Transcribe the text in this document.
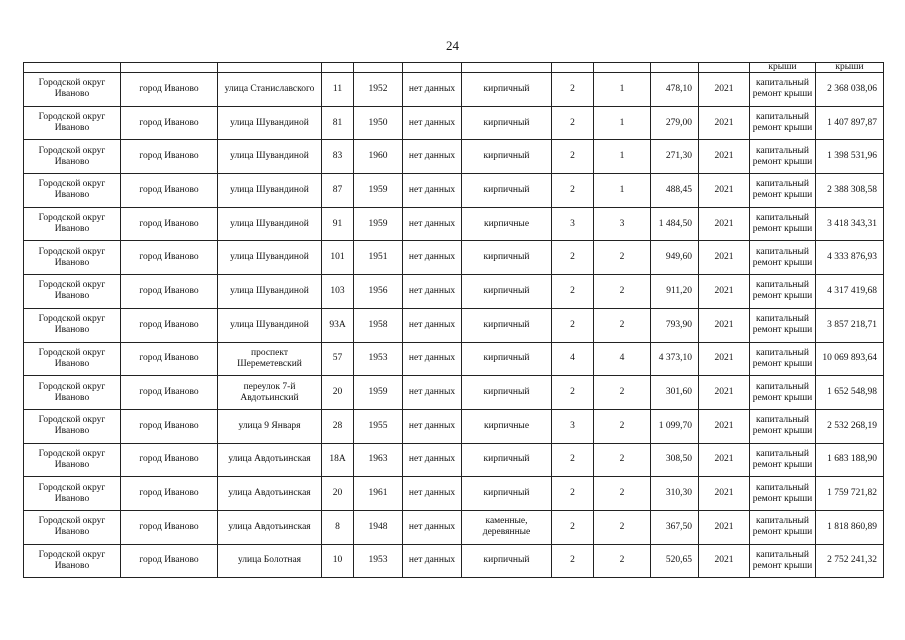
24
											крыши	крыши
Городской округ Иваново	город Иваново	улица Станиславского	11	1952	нет данных	кирпичный	2	1	478,10	2021	капитальный ремонт крыши	2 368 038,06
Городской округ Иваново	город Иваново	улица Шувандиной	81	1950	нет данных	кирпичный	2	1	279,00	2021	капитальный ремонт крыши	1 407 897,87
Городской округ Иваново	город Иваново	улица Шувандиной	83	1960	нет данных	кирпичный	2	1	271,30	2021	капитальный ремонт крыши	1 398 531,96
Городской округ Иваново	город Иваново	улица Шувандиной	87	1959	нет данных	кирпичный	2	1	488,45	2021	капитальный ремонт крыши	2 388 308,58
Городской округ Иваново	город Иваново	улица Шувандиной	91	1959	нет данных	кирпичные	3	3	1 484,50	2021	капитальный ремонт крыши	3 418 343,31
Городской округ Иваново	город Иваново	улица Шувандиной	101	1951	нет данных	кирпичный	2	2	949,60	2021	капитальный ремонт крыши	4 333 876,93
Городской округ Иваново	город Иваново	улица Шувандиной	103	1956	нет данных	кирпичный	2	2	911,20	2021	капитальный ремонт крыши	4 317 419,68
Городской округ Иваново	город Иваново	улица Шувандиной	93А	1958	нет данных	кирпичный	2	2	793,90	2021	капитальный ремонт крыши	3 857 218,71
Городской округ Иваново	город Иваново	проспект Шереметевский	57	1953	нет данных	кирпичный	4	4	4 373,10	2021	капитальный ремонт крыши	10 069 893,64
Городской округ Иваново	город Иваново	переулок 7-й Авдотьинский	20	1959	нет данных	кирпичный	2	2	301,60	2021	капитальный ремонт крыши	1 652 548,98
Городской округ Иваново	город Иваново	улица 9 Января	28	1955	нет данных	кирпичные	3	2	1 099,70	2021	капитальный ремонт крыши	2 532 268,19
Городской округ Иваново	город Иваново	улица Авдотьинская	18А	1963	нет данных	кирпичный	2	2	308,50	2021	капитальный ремонт крыши	1 683 188,90
Городской округ Иваново	город Иваново	улица Авдотьинская	20	1961	нет данных	кирпичный	2	2	310,30	2021	капитальный ремонт крыши	1 759 721,82
Городской округ Иваново	город Иваново	улица Авдотьинская	8	1948	нет данных	каменные, деревянные	2	2	367,50	2021	капитальный ремонт крыши	1 818 860,89
Городской округ Иваново	город Иваново	улица Болотная	10	1953	нет данных	кирпичный	2	2	520,65	2021	капитальный ремонт крыши	2 752 241,32
